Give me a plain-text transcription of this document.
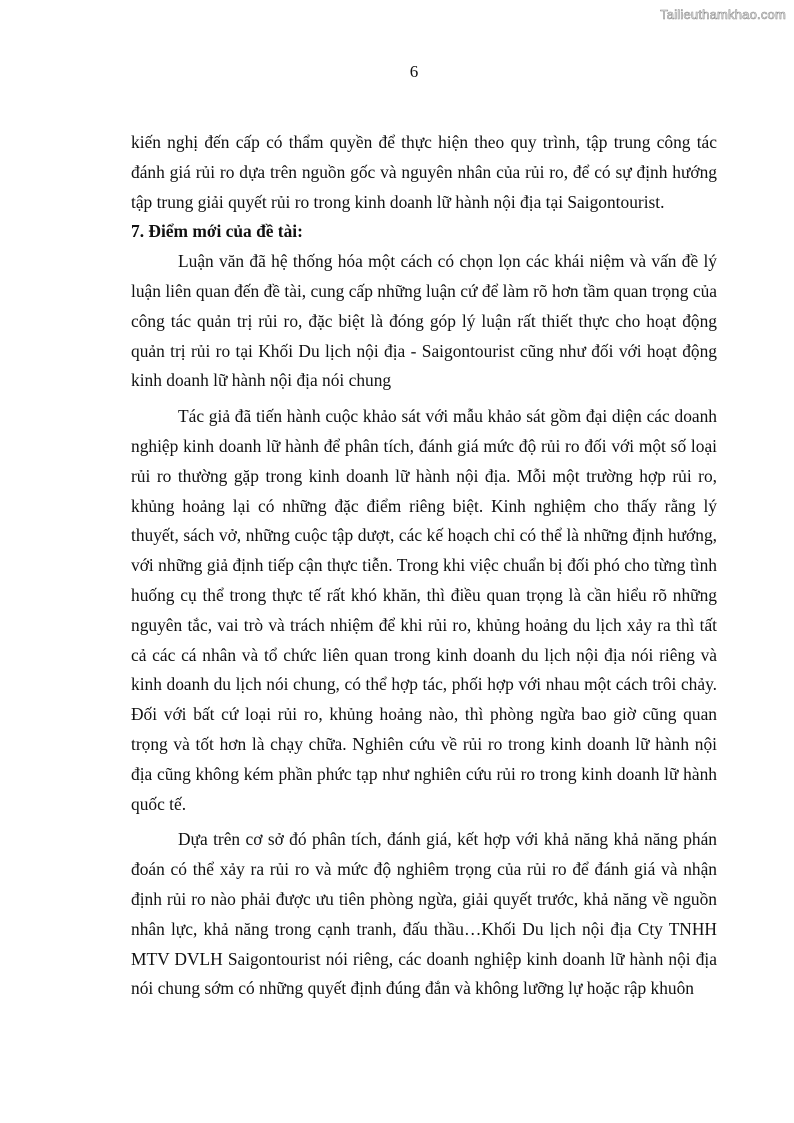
Tailieuthamkhao.com
6

kiến nghị đến cấp có thẩm quyền để thực hiện theo quy trình, tập trung công tác đánh giá rủi ro dựa trên nguồn gốc và nguyên nhân của rủi ro, để có sự định hướng tập trung giải quyết rủi ro trong kinh doanh lữ hành nội địa tại Saigontourist.

7. Điểm mới của đề tài:

Luận văn đã hệ thống hóa một cách có chọn lọn các khái niệm và vấn đề lý luận liên quan đến đề tài, cung cấp những luận cứ để làm rõ hơn tầm quan trọng của công tác quản trị rủi ro, đặc biệt là đóng góp lý luận rất thiết thực cho hoạt động quản trị rủi ro tại Khối Du lịch nội địa - Saigontourist cũng như đối với hoạt động kinh doanh lữ hành nội địa nói chung

Tác giả đã tiến hành cuộc khảo sát với mẫu khảo sát gồm đại diện các doanh nghiệp kinh doanh lữ hành để phân tích, đánh giá mức độ rủi ro đối với một số loại rủi ro thường gặp trong kinh doanh lữ hành nội địa. Mỗi một trường hợp rủi ro, khủng hoảng lại có những đặc điểm riêng biệt. Kinh nghiệm cho thấy rằng lý thuyết, sách vở, những cuộc tập dượt, các kế hoạch chỉ có thể là những định hướng, với những giả định tiếp cận thực tiễn. Trong khi việc chuẩn bị đối phó cho từng tình huống cụ thể trong thực tế rất khó khăn, thì điều quan trọng là cần hiểu rõ những nguyên tắc, vai trò và trách nhiệm để khi rủi ro, khủng hoảng du lịch xảy ra thì tất cả các cá nhân và tổ chức liên quan trong kinh doanh du lịch nội địa nói riêng và kinh doanh du lịch nói chung, có thể hợp tác, phối hợp với nhau một cách trôi chảy. Đối với bất cứ loại rủi ro, khủng hoảng nào, thì phòng ngừa bao giờ cũng quan trọng và tốt hơn là chạy chữa. Nghiên cứu về rủi ro trong kinh doanh lữ hành nội địa cũng không kém phần phức tạp như nghiên cứu rủi ro trong kinh doanh lữ hành quốc tế.

Dựa trên cơ sở đó phân tích, đánh giá, kết hợp với khả năng khả năng phán đoán có thể xảy ra rủi ro và mức độ nghiêm trọng của rủi ro để đánh giá và nhận định rủi ro nào phải được ưu tiên phòng ngừa, giải quyết trước, khả năng về nguồn nhân lực, khả năng trong cạnh tranh, đấu thầu…Khối Du lịch nội địa Cty TNHH MTV DVLH Saigontourist nói riêng, các doanh nghiệp kinh doanh lữ hành nội địa nói chung sớm có những quyết định đúng đắn và không lưỡng lự hoặc rập khuôn
